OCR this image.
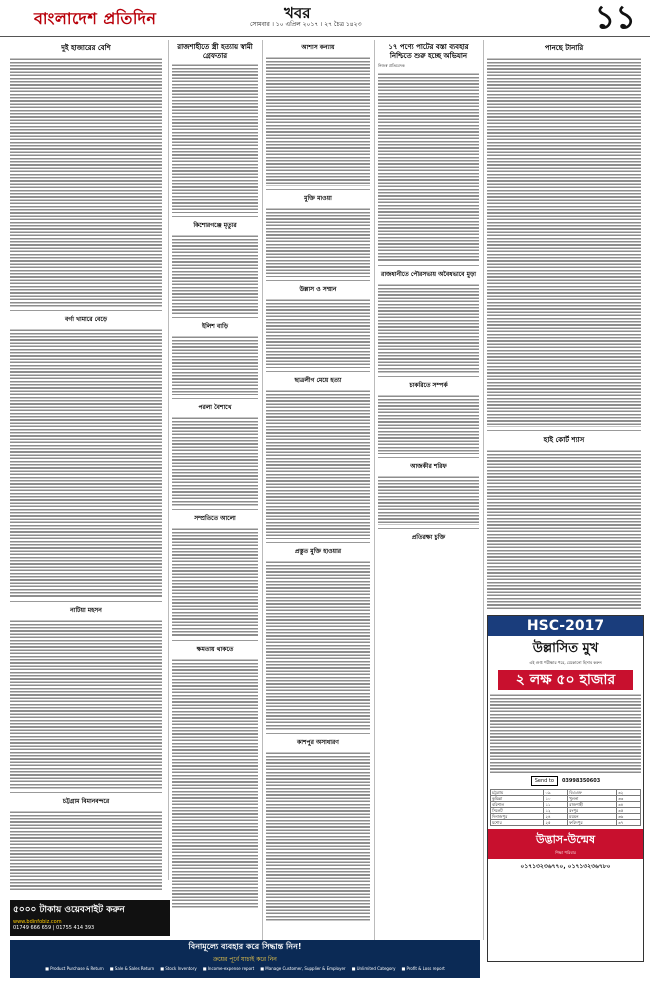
বাংলাদেশ প্রতিদিন	খবর
সোমবার । ১০ এপ্রিল ২০১৭ । ২৭ চৈত্র ১৪২৩	১১
দুই হাজারের বেশি
বর্গা খামারে বেড়ে
নাটিয়া মহসন
চট্টগ্রাম বিমানবন্দরে
রাজশাহীতে স্ত্রী হত্যায় স্বামী গ্রেফতার
কিশোরগঞ্জে মৃত্যুর
ইলিশ বাড়ি
পরলা বৈশাখে
সম্প্রতিতে আলো
ক্ষমতায় থাকতে
আশাস কন্যায়
মুক্তি মাওয়া
উল্লাস ও সম্মান
ছাত্রলীগ মেয়ে হত্যা
প্রস্তুত মুক্তি হাওয়ার
কাশপুর অসাধারণ
১৭ পণ্যে পাটের বস্তা ব্যবহার নিশ্চিতে শুরু হচ্ছে অভিযান
নিজস্ব প্রতিবেদক
রাজধানীতে পৌরসভায় অবৈধভাবে মুড়া
চাকরিতে সম্পর্ক
আজকীর শরিফ
প্রতিরক্ষা চুক্তি
পানছে টানারি
হাই কোর্ট শ্যাস
HSC-2017
উল্লাসিত মুখ
এই গুপ্ত পরীক্ষার পরে, যেকোনো হিসাব করুন
২ লক্ষ ৫০ হাজার
Send to	03998350603
চট্টগ্রাম	০৯	বিএএফ	৩২
কুমিল্লা	১০	খুলনা	৩৩
বরিশাল	১১	রাজশাহী	৩৪
সিলেট	১২	রংপুর	৩৫
দিনাজপুর	২৪	ময়মন	৩৬
যশোর	২৫	ফরিদপুর	৩৭
উদ্ভাস-উন্মেষ
শিক্ষা পরিবার
০১৭১৩২৩৬৭৭০, ০১৭১৩২৩৬৭৮০
৫০০০ টাকায় ওয়েবসাইট করুন
www.bdinfobiz.com
01749 666 659 | 01755 414 393
বিনামূল্যে ব্যবহার করে সিদ্ধান্ত নিন!
ক্রয়ের পূর্বে যাচাই করে নিন
■ Product Purchase & Return ■ Sale & Sales Return ■ Stock Inventory ■ Income-expense report ■ Manage Customer, Supplier & Employer ■ Unlimited Category ■ Profit & Loss report
